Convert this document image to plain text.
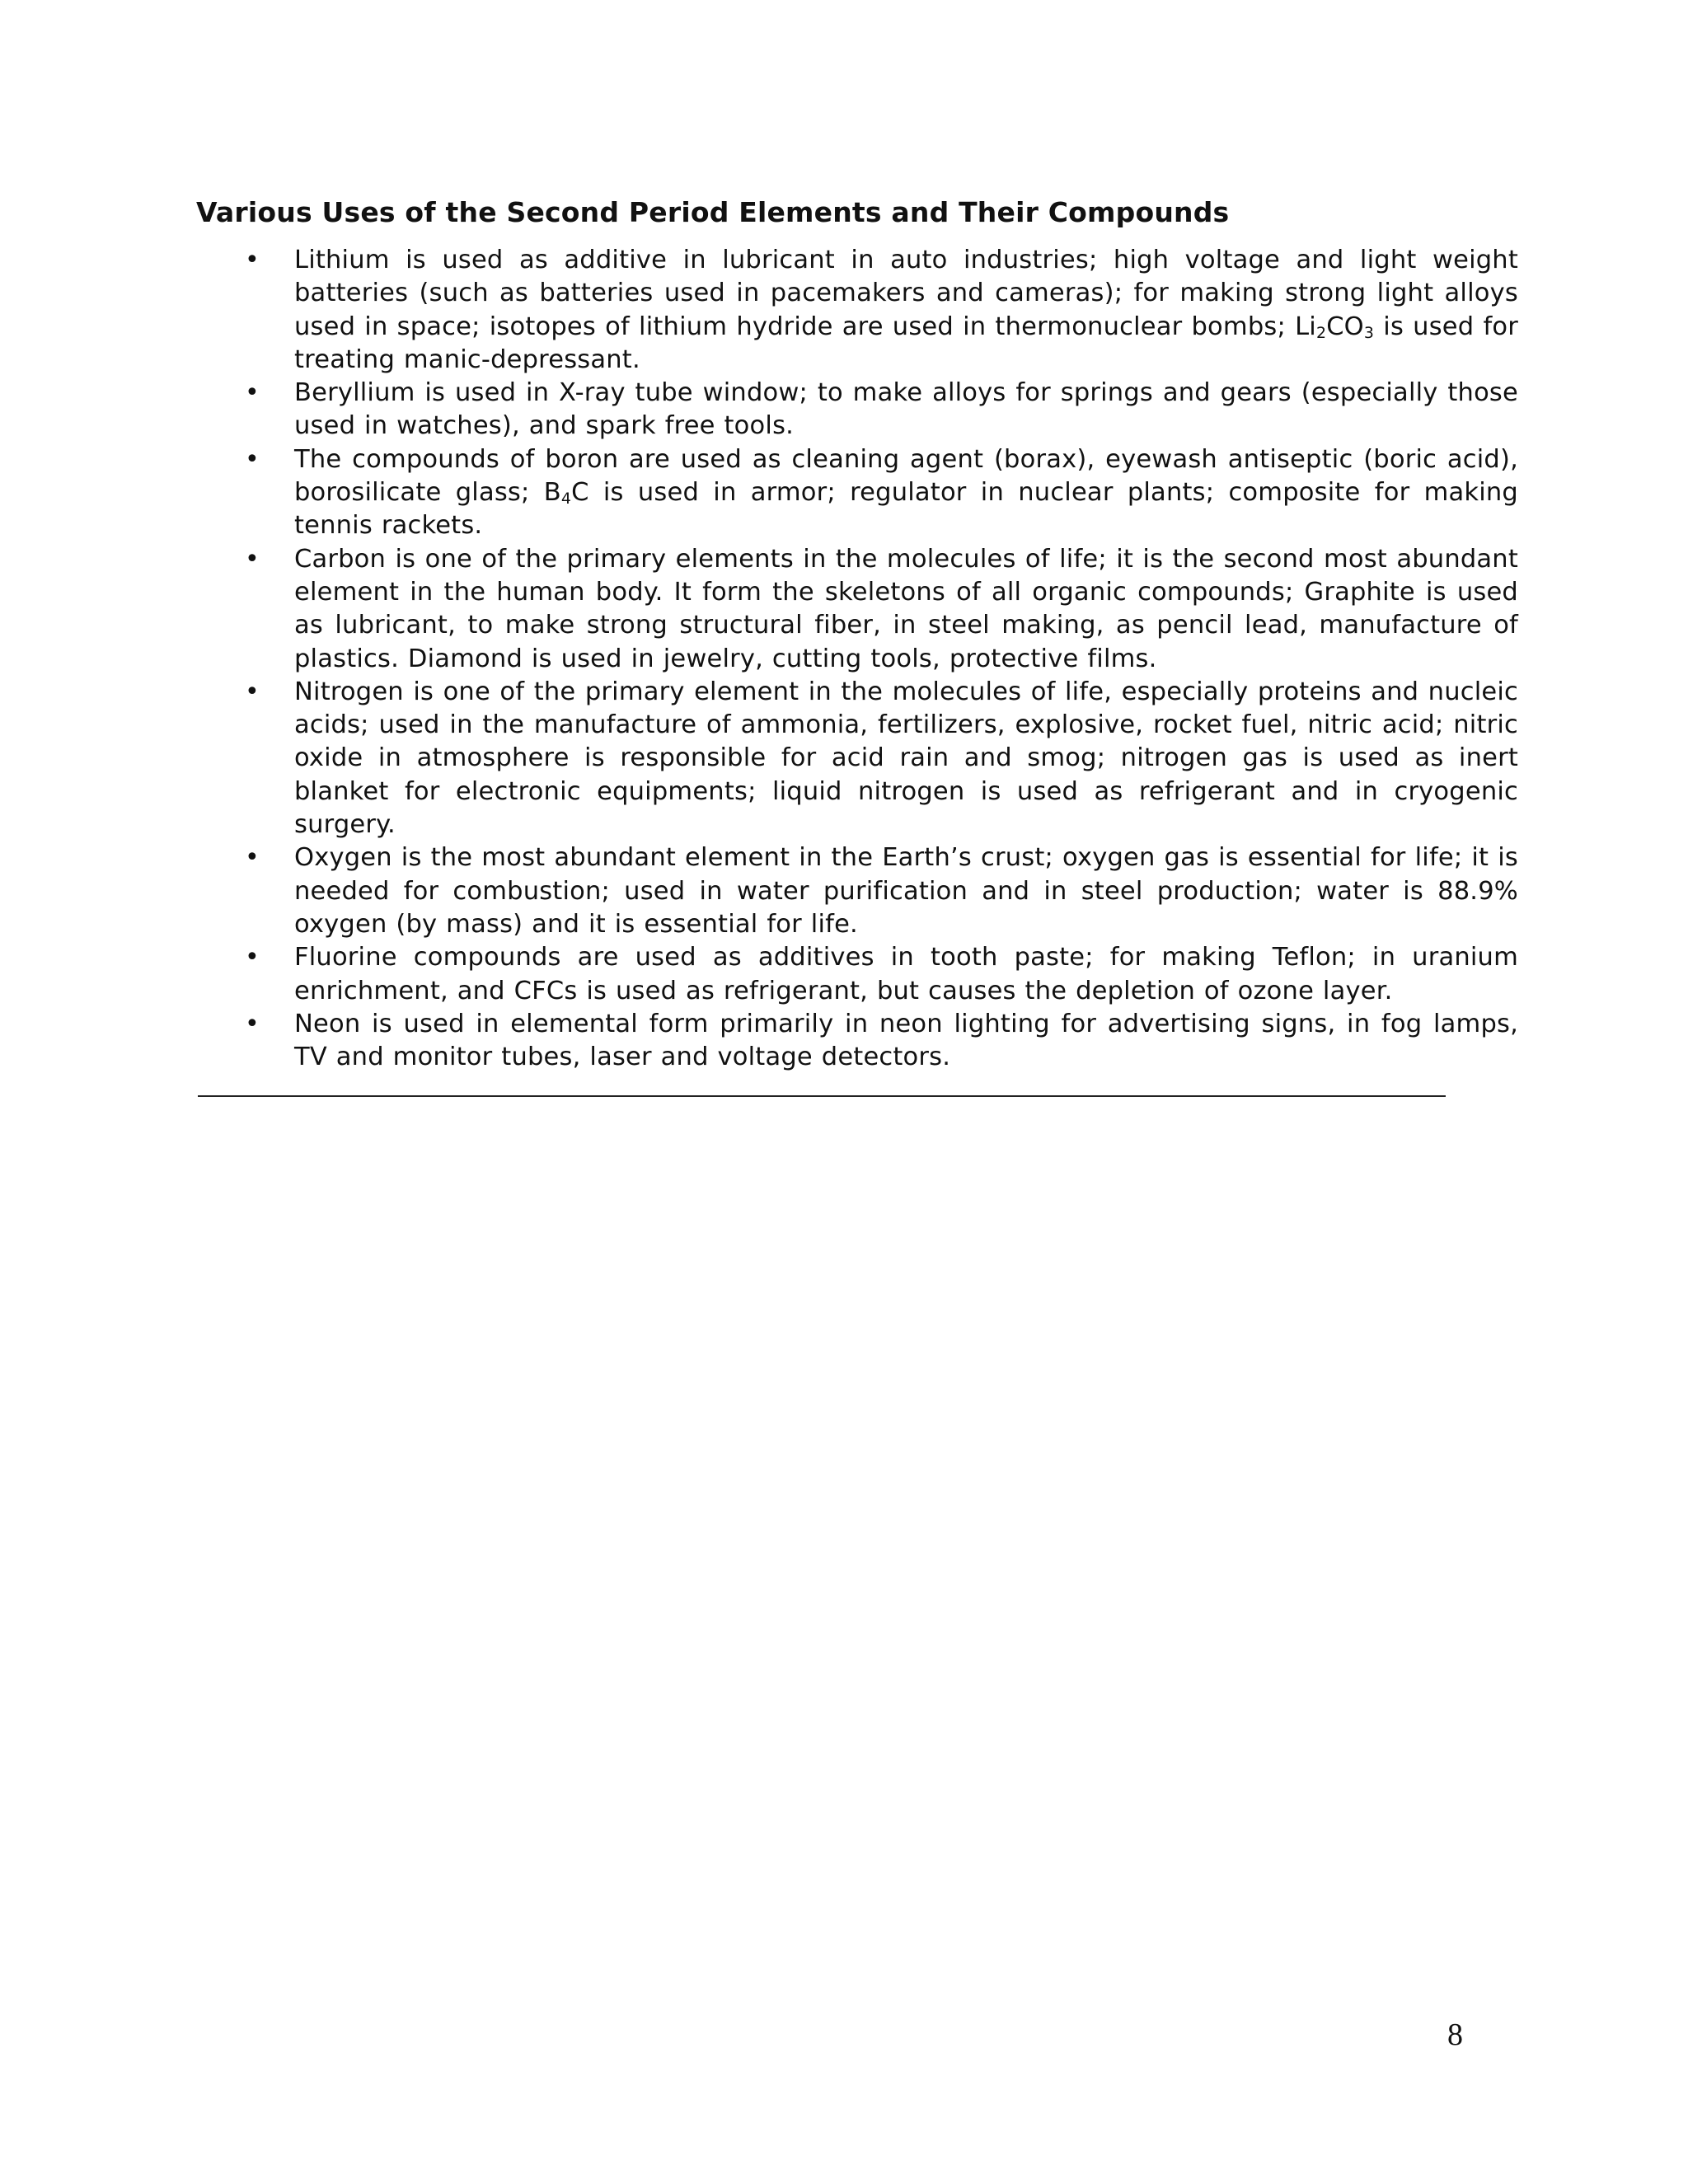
Various Uses of the Second Period Elements and Their Compounds
• Lithium is used as additive in lubricant in auto industries; high voltage and light weight batteries (such as batteries used in pacemakers and cameras); for making strong light alloys used in space; isotopes of lithium hydride are used in thermonuclear bombs; $Li_2CO_3$ is used for treating manic-depressant.
• Beryllium is used in X-ray tube window; to make alloys for springs and gears (especially those used in watches), and spark free tools.
• The compounds of boron are used as cleaning agent (borax), eyewash antiseptic (boric acid), borosilicate glass; $B_4C$ is used in armor; regulator in nuclear plants; composite for making tennis rackets.
• Carbon is one of the primary elements in the molecules of life; it is the second most abundant element in the human body. It form the skeletons of all organic compounds; Graphite is used as lubricant, to make strong structural fiber, in steel making, as pencil lead, manufacture of plastics. Diamond is used in jewelry, cutting tools, protective films.
• Nitrogen is one of the primary element in the molecules of life, especially proteins and nucleic acids; used in the manufacture of ammonia, fertilizers, explosive, rocket fuel, nitric acid; nitric oxide in atmosphere is responsible for acid rain and smog; nitrogen gas is used as inert blanket for electronic equipments; liquid nitrogen is used as refrigerant and in cryogenic surgery.
• Oxygen is the most abundant element in the Earth’s crust; oxygen gas is essential for life; it is needed for combustion; used in water purification and in steel production; water is 88.9% oxygen (by mass) and it is essential for life.
• Fluorine compounds are used as additives in tooth paste; for making Teflon; in uranium enrichment, and CFCs is used as refrigerant, but causes the depletion of ozone layer.
• Neon is used in elemental form primarily in neon lighting for advertising signs, in fog lamps, TV and monitor tubes, laser and voltage detectors.
8
